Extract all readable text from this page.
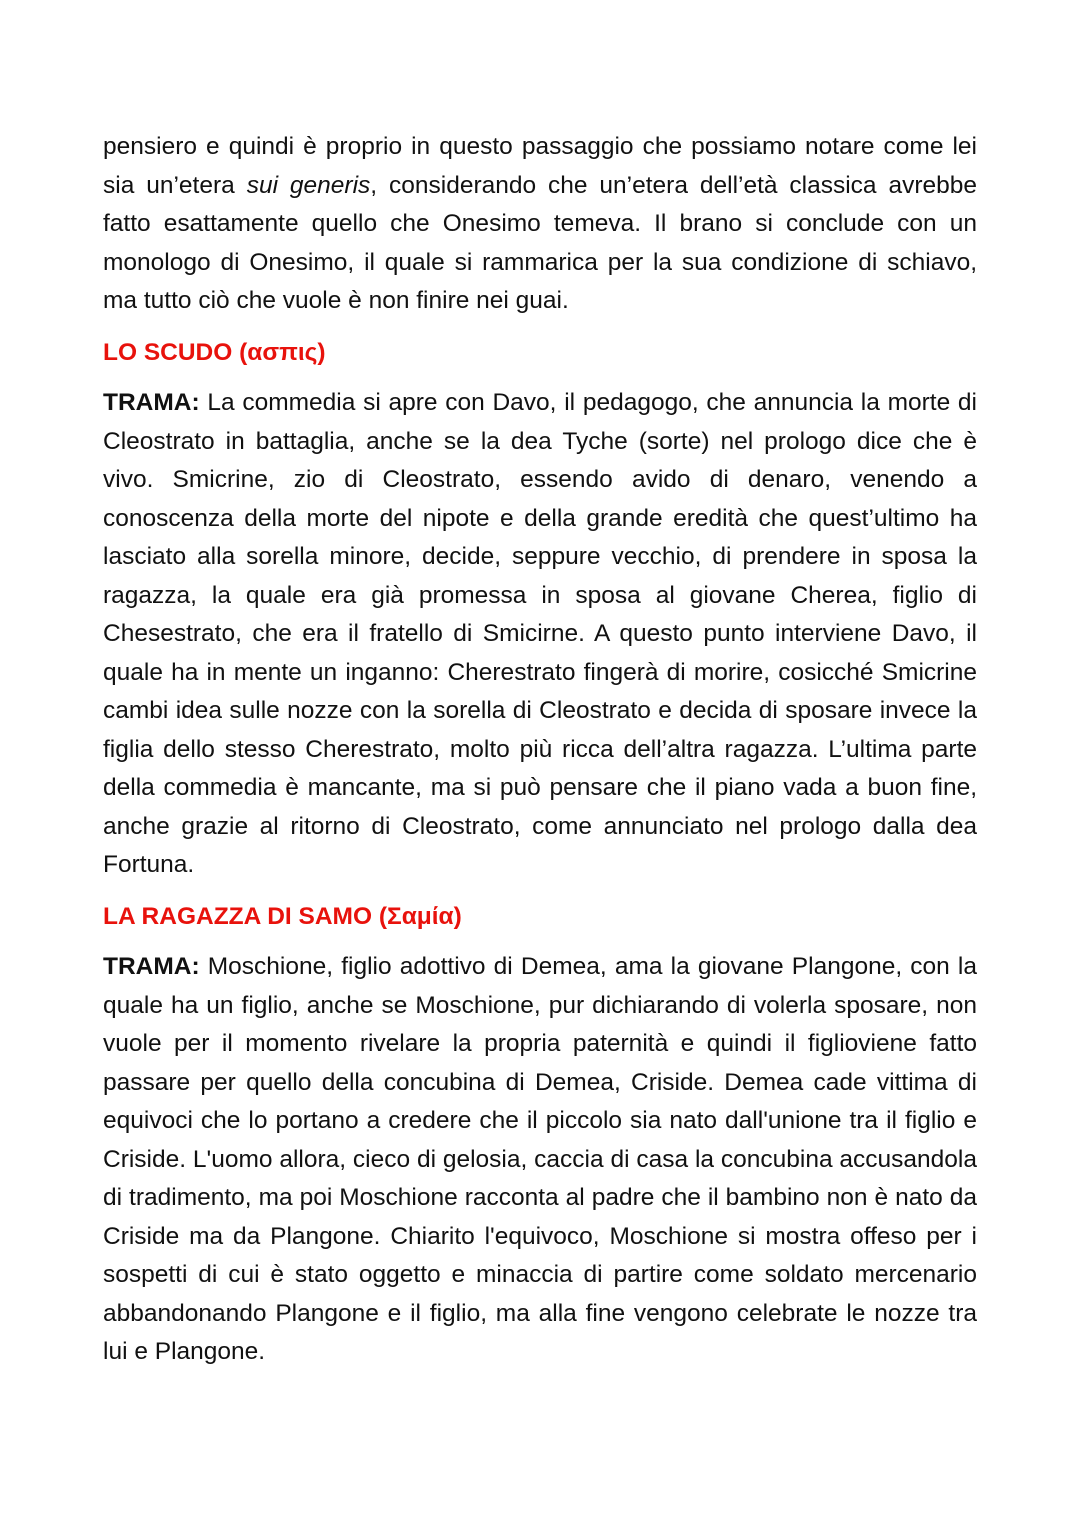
pensiero e quindi è proprio in questo passaggio che possiamo notare come lei sia un’etera sui generis, considerando che un’etera dell’età classica avrebbe fatto esattamente quello che Onesimo temeva. Il brano si conclude con un monologo di Onesimo, il quale si rammarica per la sua condizione di schiavo, ma tutto ciò che vuole è non finire nei guai.

LO SCUDO (ασπις)

TRAMA: La commedia si apre con Davo, il pedagogo, che annuncia la morte di Cleostrato in battaglia, anche se la dea Tyche (sorte) nel prologo dice che è vivo. Smicrine, zio di Cleostrato, essendo avido di denaro, venendo a conoscenza della morte del nipote e della grande eredità che quest’ultimo ha lasciato alla sorella minore, decide, seppure vecchio, di prendere in sposa la ragazza, la quale era già promessa in sposa al giovane Cherea, figlio di Chesestrato, che era il fratello di Smicirne. A questo punto interviene Davo, il quale ha in mente un inganno: Cherestrato fingerà di morire, cosicché Smicrine cambi idea sulle nozze con la sorella di Cleostrato e decida di sposare invece la figlia dello stesso Cherestrato, molto più ricca dell’altra ragazza. L’ultima parte della commedia è mancante, ma si può pensare che il piano vada a buon fine, anche grazie al ritorno di Cleostrato, come annunciato nel prologo dalla dea Fortuna.

LA RAGAZZA DI SAMO (Σαμία)

TRAMA: Moschione, figlio adottivo di Demea, ama la giovane Plangone, con la quale ha un figlio, anche se Moschione, pur dichiarando di volerla sposare, non vuole per il momento rivelare la propria paternità e quindi il figlioviene fatto passare per quello della concubina di Demea, Criside. Demea cade vittima di equivoci che lo portano a credere che il piccolo sia nato dall'unione tra il figlio e Criside. L'uomo allora, cieco di gelosia, caccia di casa la concubina accusandola di tradimento, ma poi Moschione racconta al padre che il bambino non è nato da Criside ma da Plangone. Chiarito l'equivoco, Moschione si mostra offeso per i sospetti di cui è stato oggetto e minaccia di partire come soldato mercenario abbandonando Plangone e il figlio, ma alla fine vengono celebrate le nozze tra lui e Plangone.
